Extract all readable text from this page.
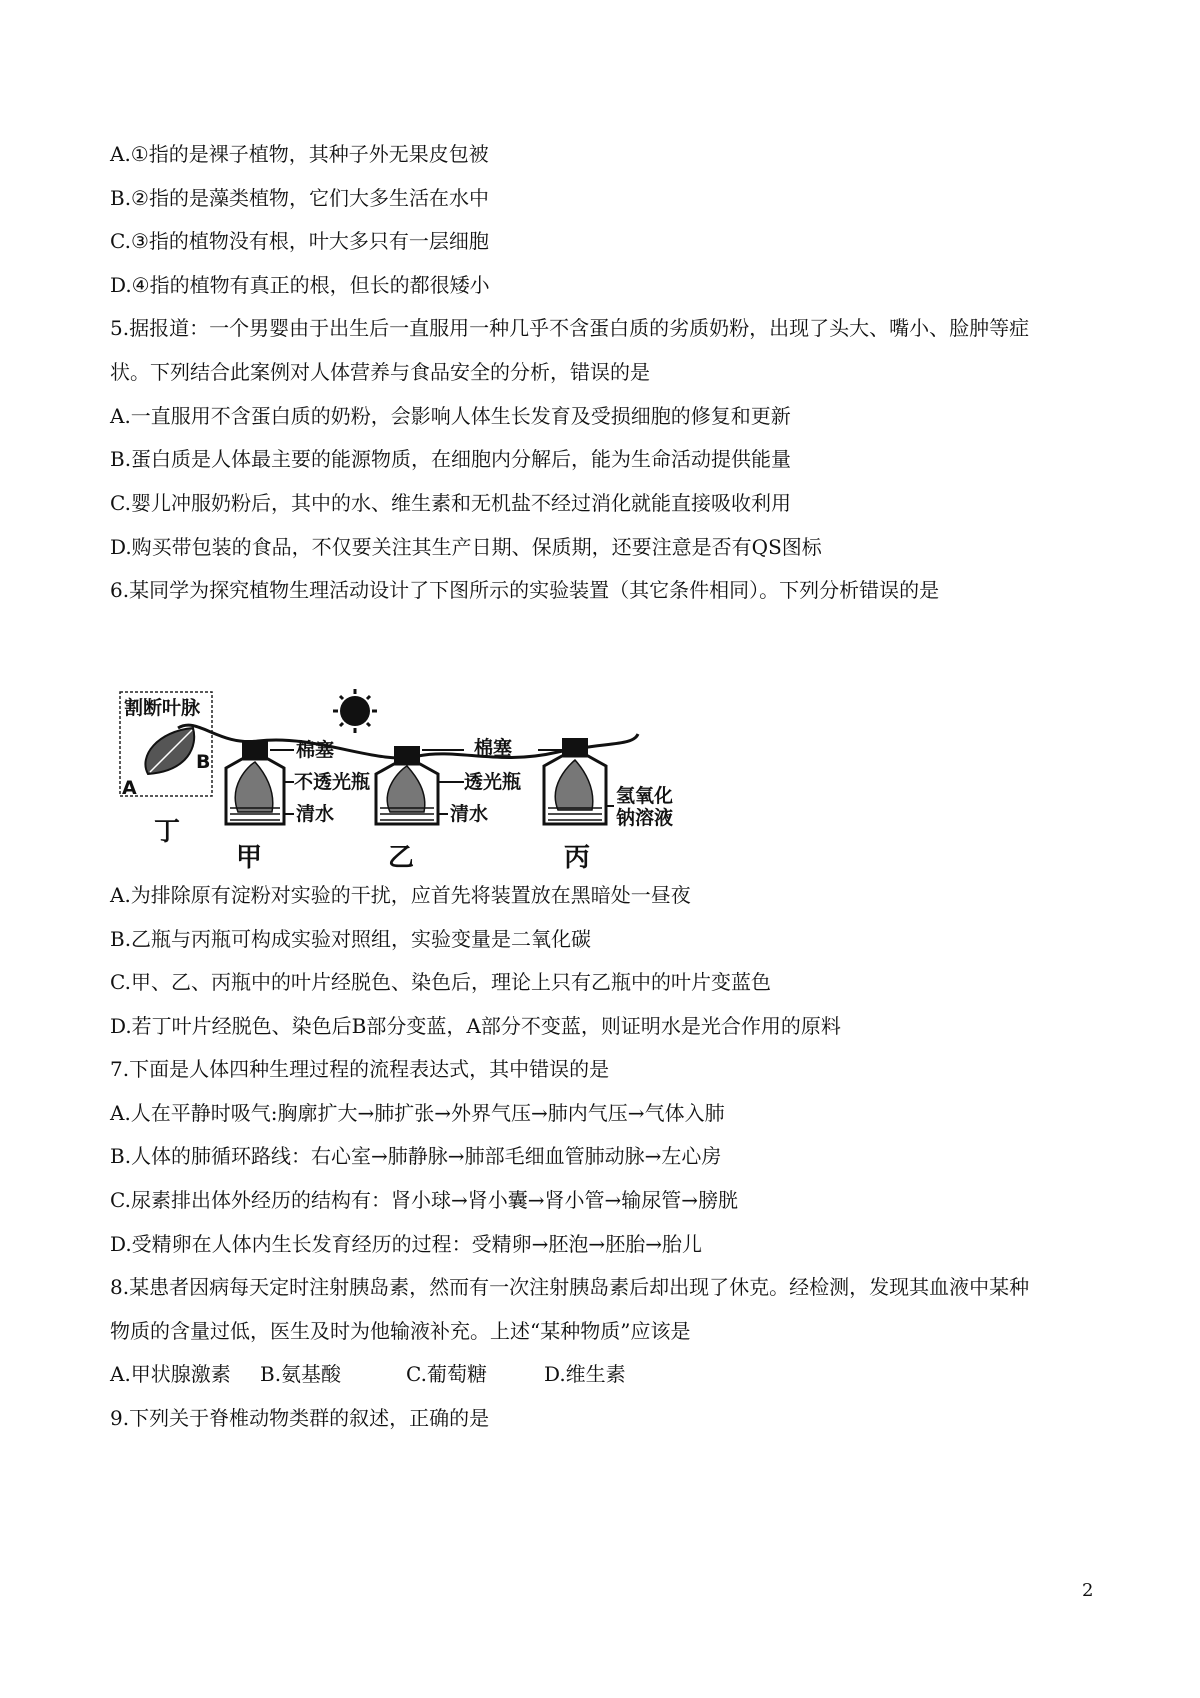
A.①指的是裸子植物，其种子外无果皮包被
B.②指的是藻类植物，它们大多生活在水中
C.③指的植物没有根，叶大多只有一层细胞
D.④指的植物有真正的根，但长的都很矮小
5.据报道：一个男婴由于出生后一直服用一种几乎不含蛋白质的劣质奶粉，出现了头大、嘴小、脸肿等症
状。下列结合此案例对人体营养与食品安全的分析，错误的是
A.一直服用不含蛋白质的奶粉，会影响人体生长发育及受损细胞的修复和更新
B.蛋白质是人体最主要的能源物质，在细胞内分解后，能为生命活动提供能量
C.婴儿冲服奶粉后，其中的水、维生素和无机盐不经过消化就能直接吸收利用
D.购买带包装的食品，不仅要关注其生产日期、保质期，还要注意是否有QS图标
6.某同学为探究植物生理活动设计了下图所示的实验装置（其它条件相同）。下列分析错误的是
割断叶脉
A
B
丁
甲	乙	丙
棉塞
不透光瓶
清水
棉塞
透光瓶
清水
氢氧化
钠溶液
A.为排除原有淀粉对实验的干扰，应首先将装置放在黑暗处一昼夜
B.乙瓶与丙瓶可构成实验对照组，实验变量是二氧化碳
C.甲、乙、丙瓶中的叶片经脱色、染色后，理论上只有乙瓶中的叶片变蓝色
D.若丁叶片经脱色、染色后B部分变蓝，A部分不变蓝，则证明水是光合作用的原料
7.下面是人体四种生理过程的流程表达式，其中错误的是
A.人在平静时吸气:胸廓扩大→肺扩张→外界气压→肺内气压→气体入肺
B.人体的肺循环路线：右心室→肺静脉→肺部毛细血管肺动脉→左心房
C.尿素排出体外经历的结构有：肾小球→肾小囊→肾小管→输尿管→膀胱
D.受精卵在人体内生长发育经历的过程：受精卵→胚泡→胚胎→胎儿
8.某患者因病每天定时注射胰岛素，然而有一次注射胰岛素后却出现了休克。经检测，发现其血液中某种
物质的含量过低，医生及时为他输液补充。上述“某种物质”应该是
A.甲状腺激素 B.氨基酸	C.葡萄糖	D.维生素
9.下列关于脊椎动物类群的叙述，正确的是
2
